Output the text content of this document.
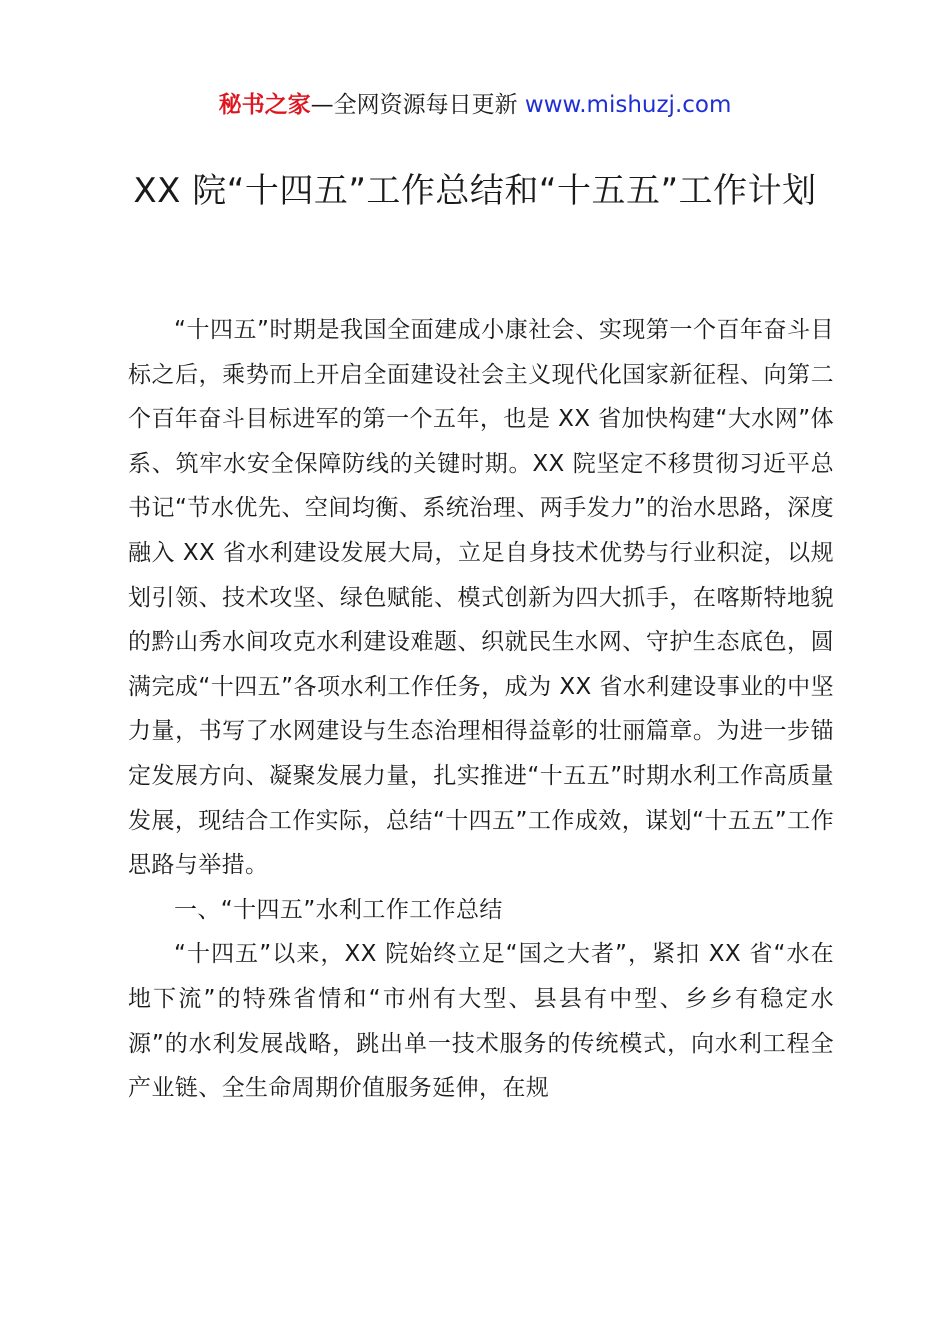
秘书之家—全网资源每日更新 www.mishuzj.com
XX 院“十四五”工作总结和“十五五”工作计划

“十四五”时期是我国全面建成小康社会、实现第一个百年奋斗目标之后，乘势而上开启全面建设社会主义现代化国家新征程、向第二个百年奋斗目标进军的第一个五年，也是 XX 省加快构建“大水网”体系、筑牢水安全保障防线的关键时期。XX 院坚定不移贯彻习近平总书记“节水优先、空间均衡、系统治理、两手发力”的治水思路，深度融入 XX 省水利建设发展大局，立足自身技术优势与行业积淀，以规划引领、技术攻坚、绿色赋能、模式创新为四大抓手，在喀斯特地貌的黔山秀水间攻克水利建设难题、织就民生水网、守护生态底色，圆满完成“十四五”各项水利工作任务，成为 XX 省水利建设事业的中坚力量，书写了水网建设与生态治理相得益彰的壮丽篇章。为进一步锚定发展方向、凝聚发展力量，扎实推进“十五五”时期水利工作高质量发展，现结合工作实际，总结“十四五”工作成效，谋划“十五五”工作思路与举措。

一、“十四五”水利工作工作总结

“十四五”以来，XX 院始终立足“国之大者”，紧扣 XX 省“水在地下流”的特殊省情和“市州有大型、县县有中型、乡乡有稳定水源”的水利发展战略，跳出单一技术服务的传统模式，向水利工程全产业链、全生命周期价值服务延伸，在规
